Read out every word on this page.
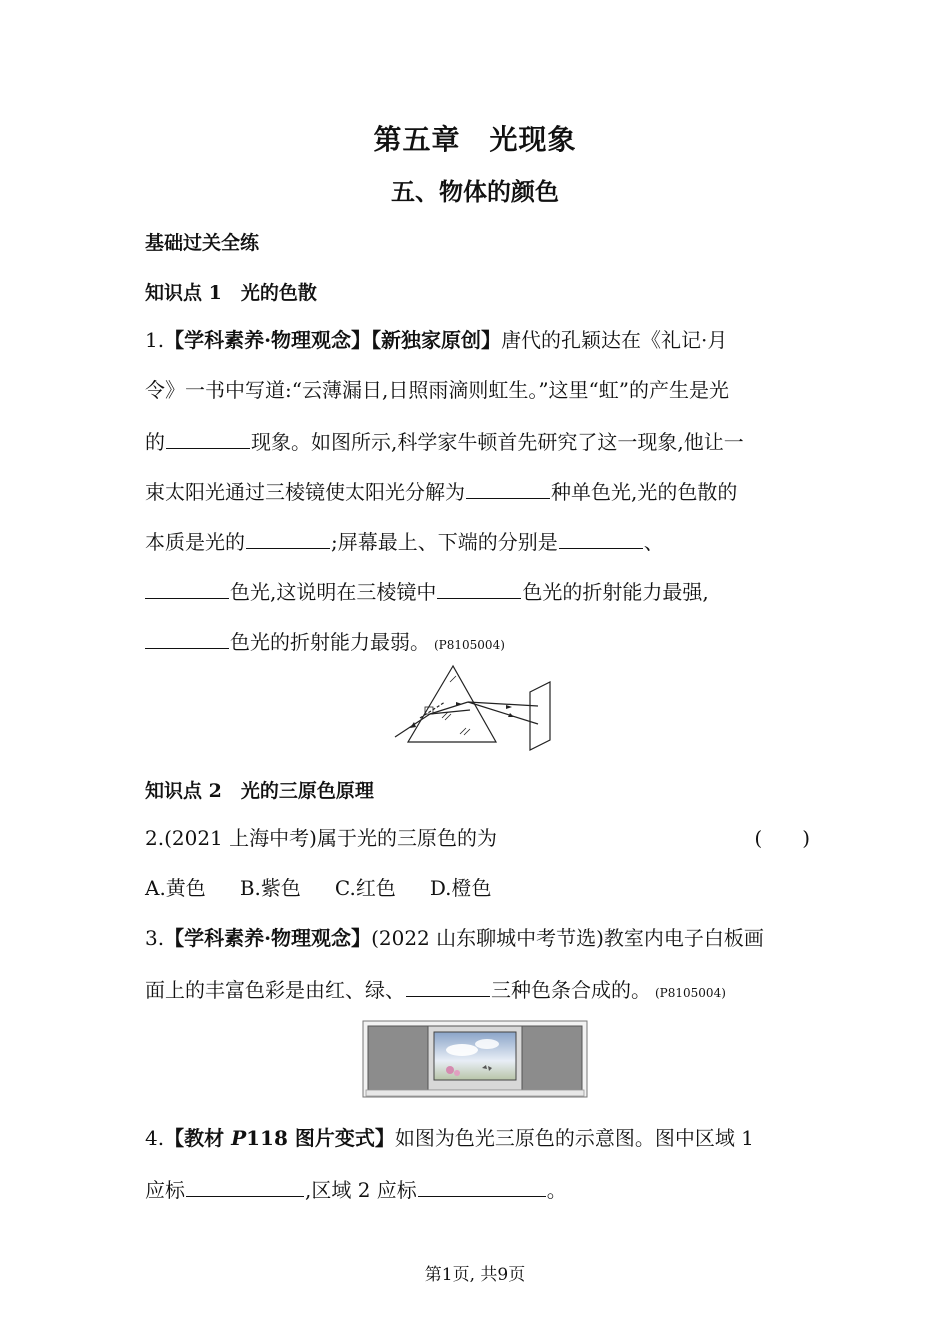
第五章　光现象
五、物体的颜色
基础过关全练
知识点 1　光的色散
1.【学科素养·物理观念】【新独家原创】唐代的孔颖达在《礼记·月
令》一书中写道:“云薄漏日,日照雨滴则虹生。”这里“虹”的产生是光
的	现象。如图所示,科学家牛顿首先研究了这一现象,他让一
束太阳光通过三棱镜使太阳光分解为	种单色光,光的色散的
本质是光的	;屏幕最上、下端的分别是	、
色光,这说明在三棱镜中	色光的折射能力最强,
色光的折射能力最弱。 (P8105004)
知识点 2　光的三原色原理
2.(2021 上海中考)属于光的三原色的为	(　　)
A.黄色 B.紫色 C.红色 D.橙色
3.【学科素养·物理观念】(2022 山东聊城中考节选)教室内电子白板画
面上的丰富色彩是由红、绿、	三种色条合成的。 (P8105004)
4.【教材 P118 图片变式】如图为色光三原色的示意图。图中区域 1
应标	,区域 2 应标	。
第1页, 共9页
